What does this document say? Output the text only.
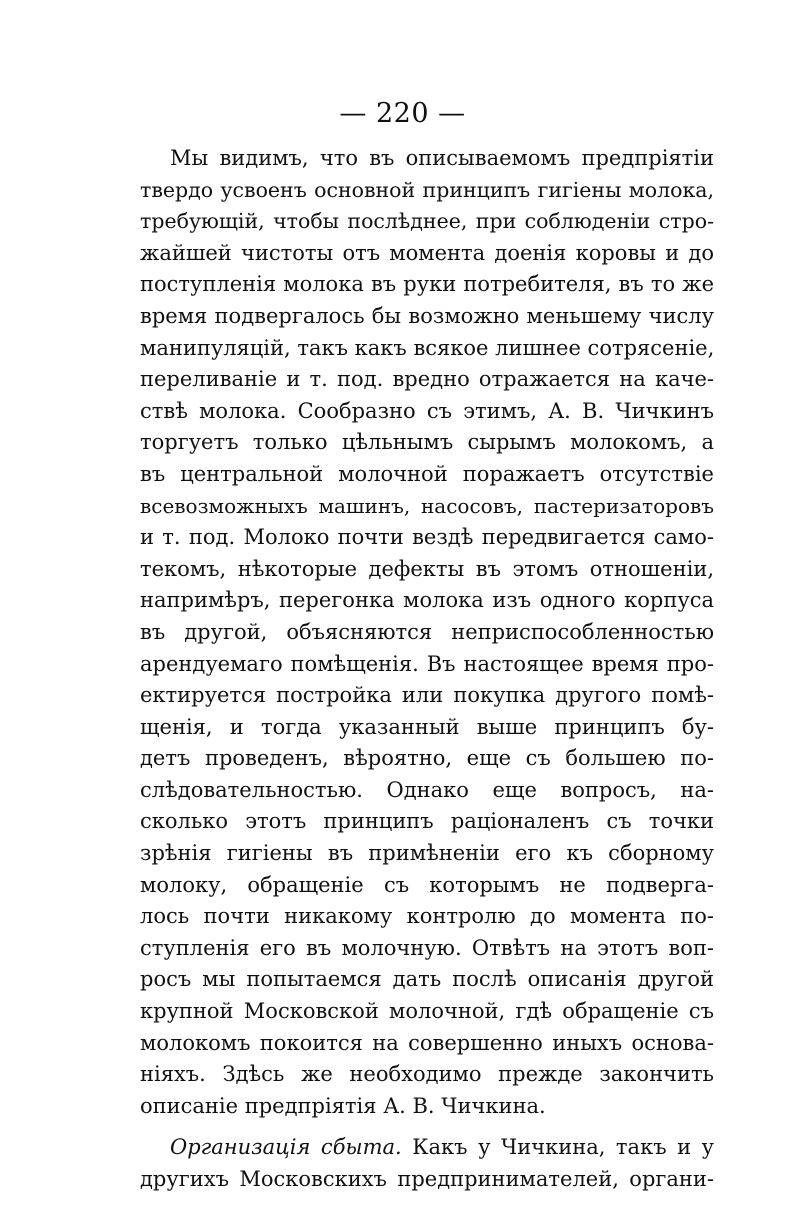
— 220 —
Мы видимъ, что въ описываемомъ предпріятіи
твердо усвоенъ основной принципъ гигіены молока,
требующій, чтобы послѣднее, при соблюденіи стро-
жайшей чистоты отъ момента доенія коровы и до
поступленія молока въ руки потребителя, въ то же
время подвергалось бы возможно меньшему числу
манипуляцій, такъ какъ всякое лишнее сотрясеніе,
переливаніе и т. под. вредно отражается на каче-
ствѣ молока. Сообразно съ этимъ, А. В. Чичкинъ
торгуетъ только цѣльнымъ сырымъ молокомъ, а
въ центральной молочной поражаетъ отсутствіе
всевозможныхъ машинъ, насосовъ, пастеризаторовъ
и т. под. Молоко почти вездѣ передвигается само-
текомъ, нѣкоторые дефекты въ этомъ отношеніи,
напримѣръ, перегонка молока изъ одного корпуса
въ другой, объясняются неприспособленностью
арендуемаго помѣщенія. Въ настоящее время про-
ектируется постройка или покупка другого помѣ-
щенія, и тогда указанный выше принципъ бу-
детъ проведенъ, вѣроятно, еще съ большею по-
слѣдовательностью. Однако еще вопросъ, на-
сколько этотъ принципъ раціоналенъ съ точки
зрѣнія гигіены въ примѣненіи его къ сборному
молоку, обращеніе съ которымъ не подверга-
лось почти никакому контролю до моментa по-
ступленія его въ молочную. Отвѣтъ на этотъ воп-
росъ мы попытаемся дать послѣ описанія другой
крупной Московской молочной, гдѣ обращеніе съ
молокомъ покоится на совершенно иныхъ основа-
ніяхъ. Здѣсь же необходимо прежде закончить
описаніе предпріятія А. В. Чичкина.
Организація сбыта. Какъ у Чичкина, такъ и у
другихъ Московскихъ предпринимателей, органи-
